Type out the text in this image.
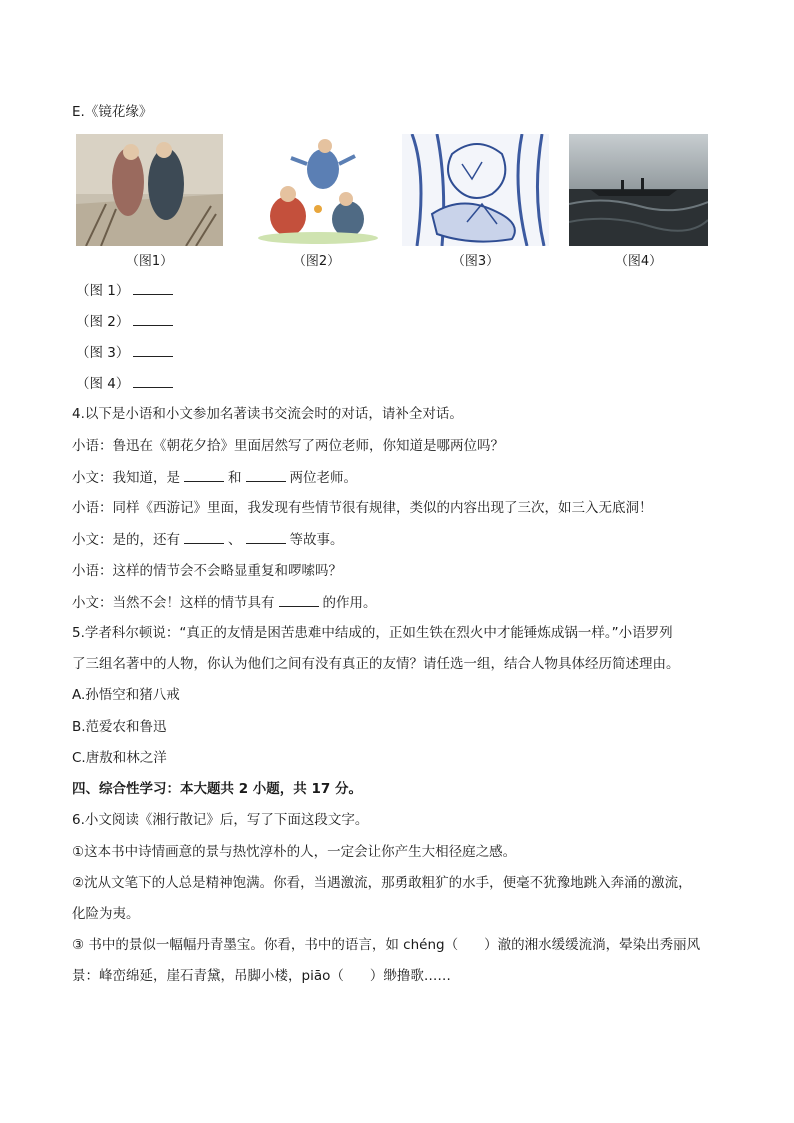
E.《镜花缘》
（图1）	（图2）	（图3）	（图4）
（图 1）
（图 2）
（图 3）
（图 4）
4.以下是小语和小文参加名著读书交流会时的对话，请补全对话。
小语：鲁迅在《朝花夕拾》里面居然写了两位老师，你知道是哪两位吗？
小文：我知道，是	和	两位老师。
小语：同样《西游记》里面，我发现有些情节很有规律，类似的内容出现了三次，如三入无底洞！
小文：是的，还有	、	等故事。
小语：这样的情节会不会略显重复和啰嗦吗？
小文：当然不会！这样的情节具有	的作用。
5.学者科尔顿说：“真正的友情是困苦患难中结成的，正如生铁在烈火中才能锤炼成锅一样。”小语罗列
了三组名著中的人物，你认为他们之间有没有真正的友情？请任选一组，结合人物具体经历简述理由。
A.孙悟空和猪八戒
B.范爱农和鲁迅
C.唐敖和林之洋
四、综合性学习：本大题共 2 小题，共 17 分。
6.小文阅读《湘行散记》后，写了下面这段文字。
①这本书中诗情画意的景与热忱淳朴的人，一定会让你产生大相径庭之感。
②沈从文笔下的人总是精神饱满。你看，当遇激流，那勇敢粗犷的水手，便毫不犹豫地跳入奔涌的激流，
化险为夷。
③ 书中的景似一幅幅丹青墨宝。你看，书中的语言，如 chéng（ ）澈的湘水缓缓流淌，晕染出秀丽风
景：峰峦绵延，崖石青黛，吊脚小楼，piāo（ ）缈撸歌……
